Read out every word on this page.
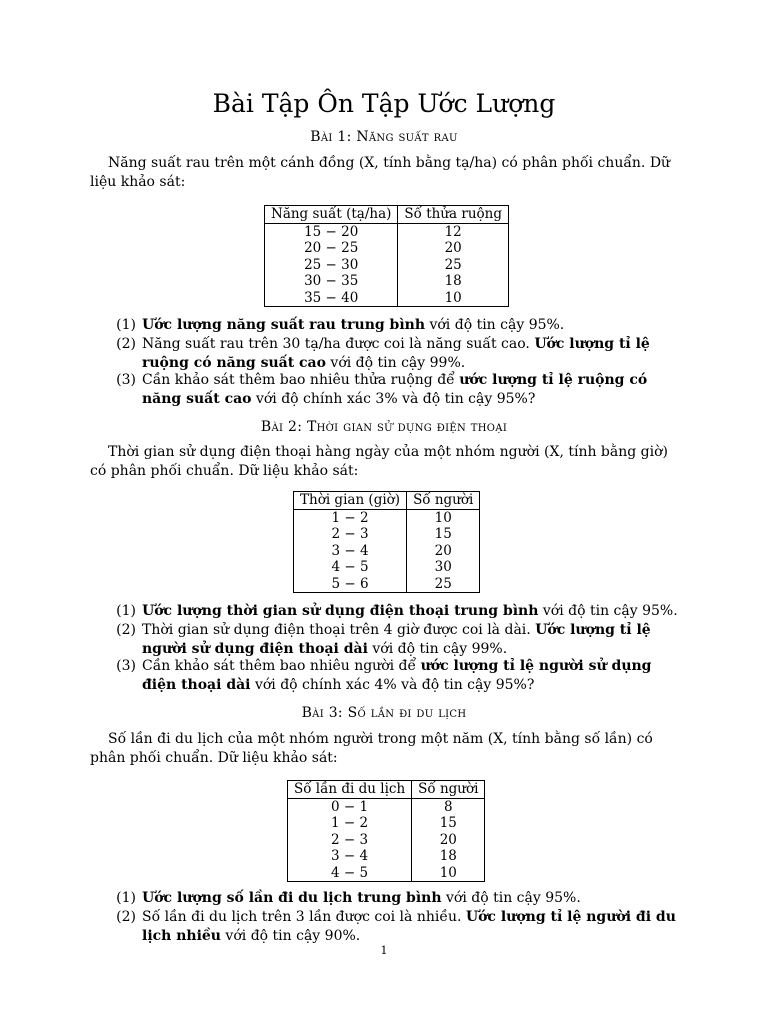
Bài Tập Ôn Tập Ước Lượng
Bài 1: Năng suất rau

Năng suất rau trên một cánh đồng (X, tính bằng tạ/ha) có phân phối chuẩn. Dữ liệu khảo sát:

Năng suất (tạ/ha)	Số thửa ruộng
15 − 20	12
20 − 25	20
25 − 30	25
30 − 35	18
35 − 40	10
(1) Ước lượng năng suất rau trung bình với độ tin cậy 95%.
(2) Năng suất rau trên 30 tạ/ha được coi là năng suất cao. Ước lượng tỉ lệ ruộng có năng suất cao với độ tin cậy 99%.
(3) Cần khảo sát thêm bao nhiêu thửa ruộng để ước lượng tỉ lệ ruộng có năng suất cao với độ chính xác 3% và độ tin cậy 95%?
Bài 2: Thời gian sử dụng điện thoại

Thời gian sử dụng điện thoại hàng ngày của một nhóm người (X, tính bằng giờ) có phân phối chuẩn. Dữ liệu khảo sát:

Thời gian (giờ)	Số người
1 − 2	10
2 − 3	15
3 − 4	20
4 − 5	30
5 − 6	25
(1) Ước lượng thời gian sử dụng điện thoại trung bình với độ tin cậy 95%.
(2) Thời gian sử dụng điện thoại trên 4 giờ được coi là dài. Ước lượng tỉ lệ người sử dụng điện thoại dài với độ tin cậy 99%.
(3) Cần khảo sát thêm bao nhiêu người để ước lượng tỉ lệ người sử dụng điện thoại dài với độ chính xác 4% và độ tin cậy 95%?
Bài 3: Số lần đi du lịch

Số lần đi du lịch của một nhóm người trong một năm (X, tính bằng số lần) có phân phối chuẩn. Dữ liệu khảo sát:

Số lần đi du lịch	Số người
0 − 1	8
1 − 2	15
2 − 3	20
3 − 4	18
4 − 5	10
(1) Ước lượng số lần đi du lịch trung bình với độ tin cậy 95%.
(2) Số lần đi du lịch trên 3 lần được coi là nhiều. Ước lượng tỉ lệ người đi du lịch nhiều với độ tin cậy 90%.
1
